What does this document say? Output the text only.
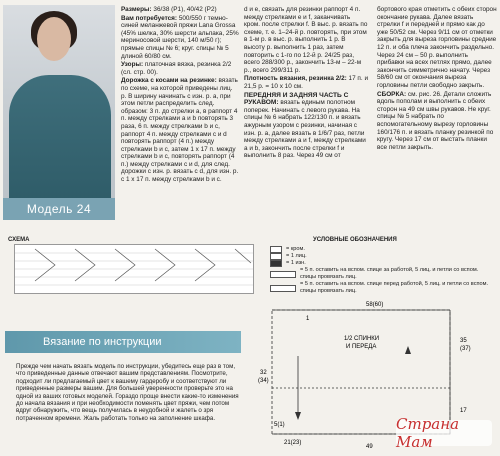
Модель 24

Размеры: 36/38 (P1), 40/42 (P2)

Вам потребуется: 500/550 г темно-синей меланжевой пряжи Lana Grossa (45% шелка, 30% шерсти альпака, 25% мериносовой шерсти, 140 м/50 г); прямые спицы № 6; круг. спицы № 5 длиной 60/80 см.

Узоры: платочная вязка, резинка 2/2 (сл. стр. 00).

Дорожка с косами на резинке: вязать по схеме, на которой приведены лиц. р. В ширину начинать с изн. р. а, при этом петли распределить след. образом: 3 п. до стрелки а, в раппорт 4 п. между стрелками а и b повторять 3 раза, 6 п. между стрелками b и c, раппорт 4 п. между стрелками c и d повторять раппорт (4 п.) между стрелками b и c, затем 1 х 17 п. между стрелками b и c, повторять раппорт (4 п.) между стрелками c и d, для след. дорожки с изн. р. вязать с d, для изн. р. с 1 х 17 п. между стрелками b и c.

d и e, связать для резинки раппорт 4 п. между стрелками e и f, заканчивать кром. после стрелки f. В выс. р. вязать по схеме, т. е. 1–24-й р. повторять, при этом в 1-м р. в выс. р. выполнить 1 р. В высоту р. выполнить 1 раз, затем повторить с 1-го по 12-й р. 24/25 раз, всего 288/300 р., закончить 13-м – 22-м р., всего 299/311 р.

Плотность вязания, резинка 2/2: 17 п. и 21,5 р. = 10 х 10 см.

ПЕРЕДНЯЯ И ЗАДНЯЯ ЧАСТЬ С РУКАВОМ: вязать единым полотном поперек. Начинать с левого рукава. На спицы № 6 набрать 122/130 п. и вязать ажурным узором с резинки, начиная с изн. р. а, далее вязать в 1/6/7 раз, петли между стрелками a и f, между стрелками a и b, закончить после стрелки f и выполнить 8 раз. Через 49 см от

бортового края отметить с обеих сторон окончание рукава. Далее вязать стрелки f и передней и прямо как до уже 50/52 см. Через 9/11 см от отметки закрыть для выреза горловины средние 12 п. и оба плеча закончить раздельно. Через 24 см – 50 р. выполнить прибавки на всех петлях прямо, далее закончить симметрично начату. Через 58/60 см от окончания выреза горловины петли свободно закрыть.

СБОРКА: см. рис. 26. Детали сложить вдоль пополам и выполнить с обеих сторон на 49 см швы рукавов. Не круг. спицы № 5 набрать по вспомогательному вырезу горловины 160/176 п. и вязать планку резинкой по кругу. Через 17 см от выстать планки все петли закрыть.

СХЕМА	УСЛОВНЫЕ ОБОЗНАЧЕНИЯ
= кром.
= 1 лиц.
= 1 изн.
= 5 п. оставить на вспом. спице за работой, 5 лиц. и петли со вспом. спицы провязать лиц.
= 5 п. оставить на вспом. спице перед работой, 5 лиц. и петли со вспом. спицы провязать лиц.
Вязание по инструкции
Прежде чем начать вязать модель по инструкции, убедитесь еще раз в том, что приведенные данные отвечают вашим представлениям. Посмотрите, подходит ли предлагаемый цвет к вашему гардеробу и соответствуют ли приведенные размеры вашим. Для большей уверенности проверьте это на одной из ваших готовых моделей. Гораздо проще внести какие-то изменения до начала вязания и при необходимости поменять цвет пряжи, чем потом вдруг обнаружить, что вещь получилась в неудобной и жалеть о зря потраченном времени. Жаль работать только на заполнение шкафа.
58(60)
32
(34)
1/2 СПИНКИ
И ПЕРЕДА
35
(37)
17
21(23)
49
1
5(1)	Страна Мам
